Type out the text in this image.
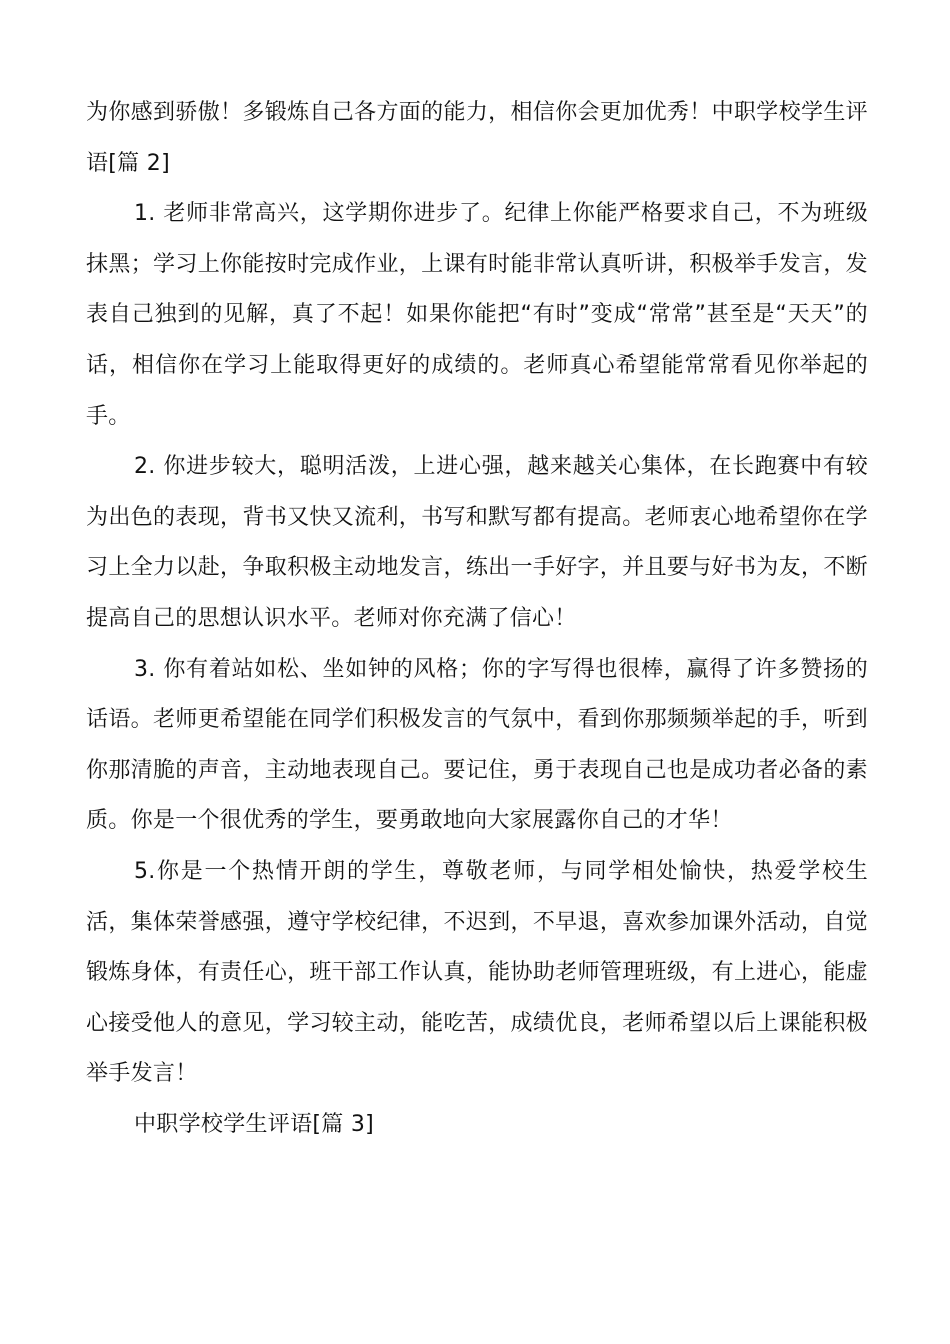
为你感到骄傲！多锻炼自己各方面的能力，相信你会更加优秀！中职学校学生评语[篇 2]

1. 老师非常高兴，这学期你进步了。纪律上你能严格要求自己，不为班级抹黑；学习上你能按时完成作业，上课有时能非常认真听讲，积极举手发言，发表自己独到的见解，真了不起！如果你能把“有时”变成“常常”甚至是“天天”的话，相信你在学习上能取得更好的成绩的。老师真心希望能常常看见你举起的手。

2. 你进步较大，聪明活泼，上进心强，越来越关心集体，在长跑赛中有较为出色的表现，背书又快又流利，书写和默写都有提高。老师衷心地希望你在学习上全力以赴，争取积极主动地发言，练出一手好字，并且要与好书为友，不断提高自己的思想认识水平。老师对你充满了信心！

3. 你有着站如松、坐如钟的风格；你的字写得也很棒，赢得了许多赞扬的话语。老师更希望能在同学们积极发言的气氛中，看到你那频频举起的手，听到你那清脆的声音，主动地表现自己。要记住，勇于表现自己也是成功者必备的素质。你是一个很优秀的学生，要勇敢地向大家展露你自己的才华！

5.你是一个热情开朗的学生，尊敬老师，与同学相处愉快，热爱学校生活，集体荣誉感强，遵守学校纪律，不迟到，不早退，喜欢参加课外活动，自觉锻炼身体，有责任心，班干部工作认真，能协助老师管理班级，有上进心，能虚心接受他人的意见，学习较主动，能吃苦，成绩优良，老师希望以后上课能积极举手发言！

中职学校学生评语[篇 3]
